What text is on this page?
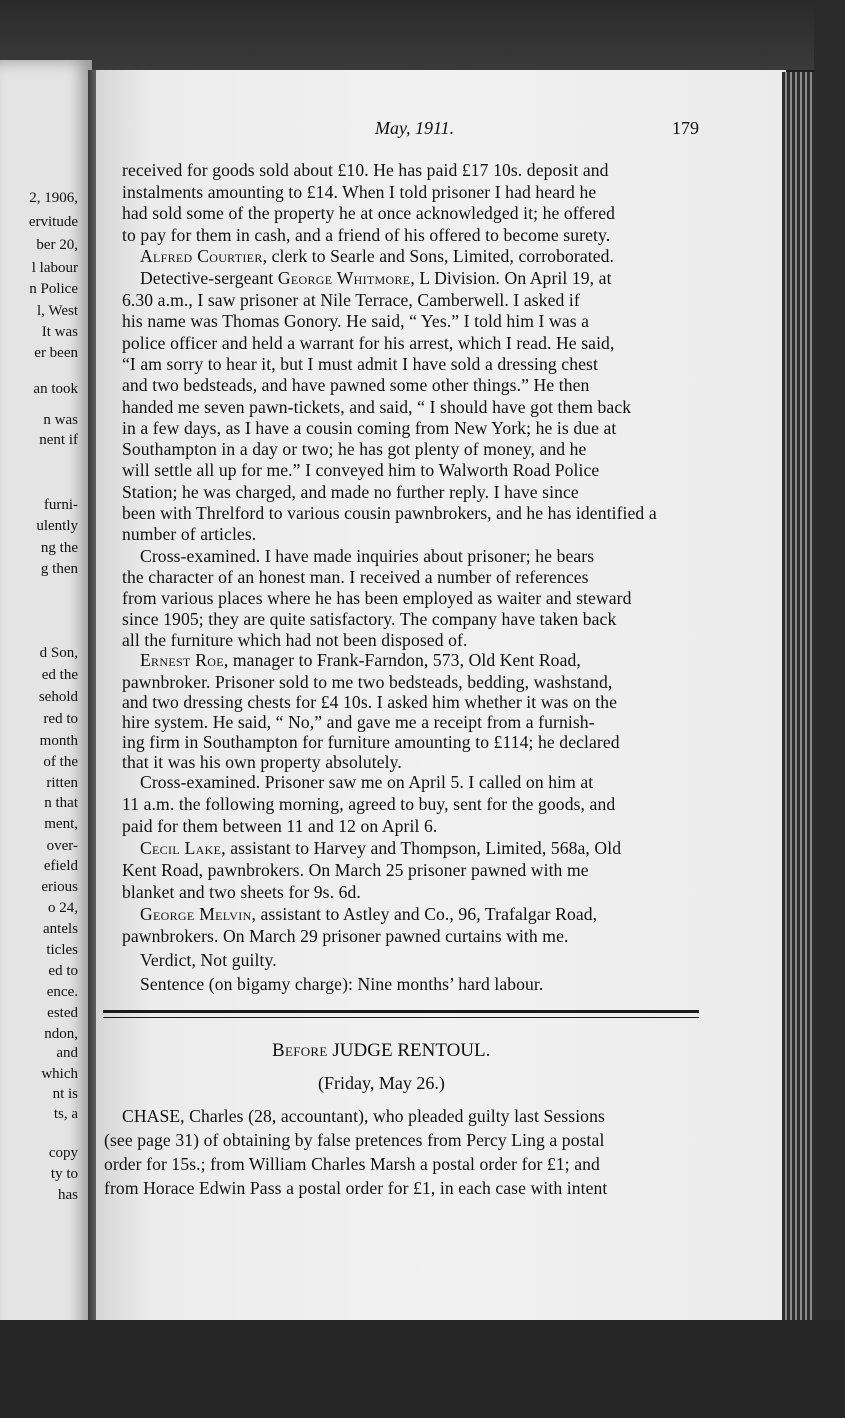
2, 1906,
ervitude
ber 20,
l labour
n Police
l, West
It was
er been
an took
n was
nent if
furni-
ulently
ng the
g then
d Son,
ed the
sehold
red to
month
of the
ritten
n that
ment,
over-
efield
erious
o 24,
antels
ticles
ed to
ence.
ested
ndon,
and
which
nt is
ts, a
copy
ty to
has
May, 1911.	179
received for goods sold about £10. He has paid £17 10s. deposit and
instalments amounting to £14. When I told prisoner I had heard he
had sold some of the property he at once acknowledged it; he offered
to pay for them in cash, and a friend of his offered to become surety.
Alfred Courtier, clerk to Searle and Sons, Limited, corroborated.
Detective-sergeant George Whitmore, L Division. On April 19, at
6.30 a.m., I saw prisoner at Nile Terrace, Camberwell. I asked if
his name was Thomas Gonory. He said, “ Yes.” I told him I was a
police officer and held a warrant for his arrest, which I read. He said,
“I am sorry to hear it, but I must admit I have sold a dressing chest
and two bedsteads, and have pawned some other things.” He then
handed me seven pawn-tickets, and said, “ I should have got them back
in a few days, as I have a cousin coming from New York; he is due at
Southampton in a day or two; he has got plenty of money, and he
will settle all up for me.” I conveyed him to Walworth Road Police
Station; he was charged, and made no further reply. I have since
been with Threlford to various cousin pawnbrokers, and he has identified a
number of articles.
Cross-examined. I have made inquiries about prisoner; he bears
the character of an honest man. I received a number of references
from various places where he has been employed as waiter and steward
since 1905; they are quite satisfactory. The company have taken back
all the furniture which had not been disposed of.
Ernest Roe, manager to Frank-Farndon, 573, Old Kent Road,
pawnbroker. Prisoner sold to me two bedsteads, bedding, washstand,
and two dressing chests for £4 10s. I asked him whether it was on the
hire system. He said, “ No,” and gave me a receipt from a furnish-
ing firm in Southampton for furniture amounting to £114; he declared
that it was his own property absolutely.
Cross-examined. Prisoner saw me on April 5. I called on him at
11 a.m. the following morning, agreed to buy, sent for the goods, and
paid for them between 11 and 12 on April 6.
Cecil Lake, assistant to Harvey and Thompson, Limited, 568a, Old
Kent Road, pawnbrokers. On March 25 prisoner pawned with me
blanket and two sheets for 9s. 6d.
George Melvin, assistant to Astley and Co., 96, Trafalgar Road,
pawnbrokers. On March 29 prisoner pawned curtains with me.
Verdict, Not guilty.
Before JUDGE RENTOUL.
(Friday, May 26.)
CHASE, Charles (28, accountant), who pleaded guilty last Sessions
(see page 31) of obtaining by false pretences from Percy Ling a postal
order for 15s.; from William Charles Marsh a postal order for £1; and
from Horace Edwin Pass a postal order for £1, in each case with intent
Sentence (on bigamy charge): Nine months’ hard labour.
